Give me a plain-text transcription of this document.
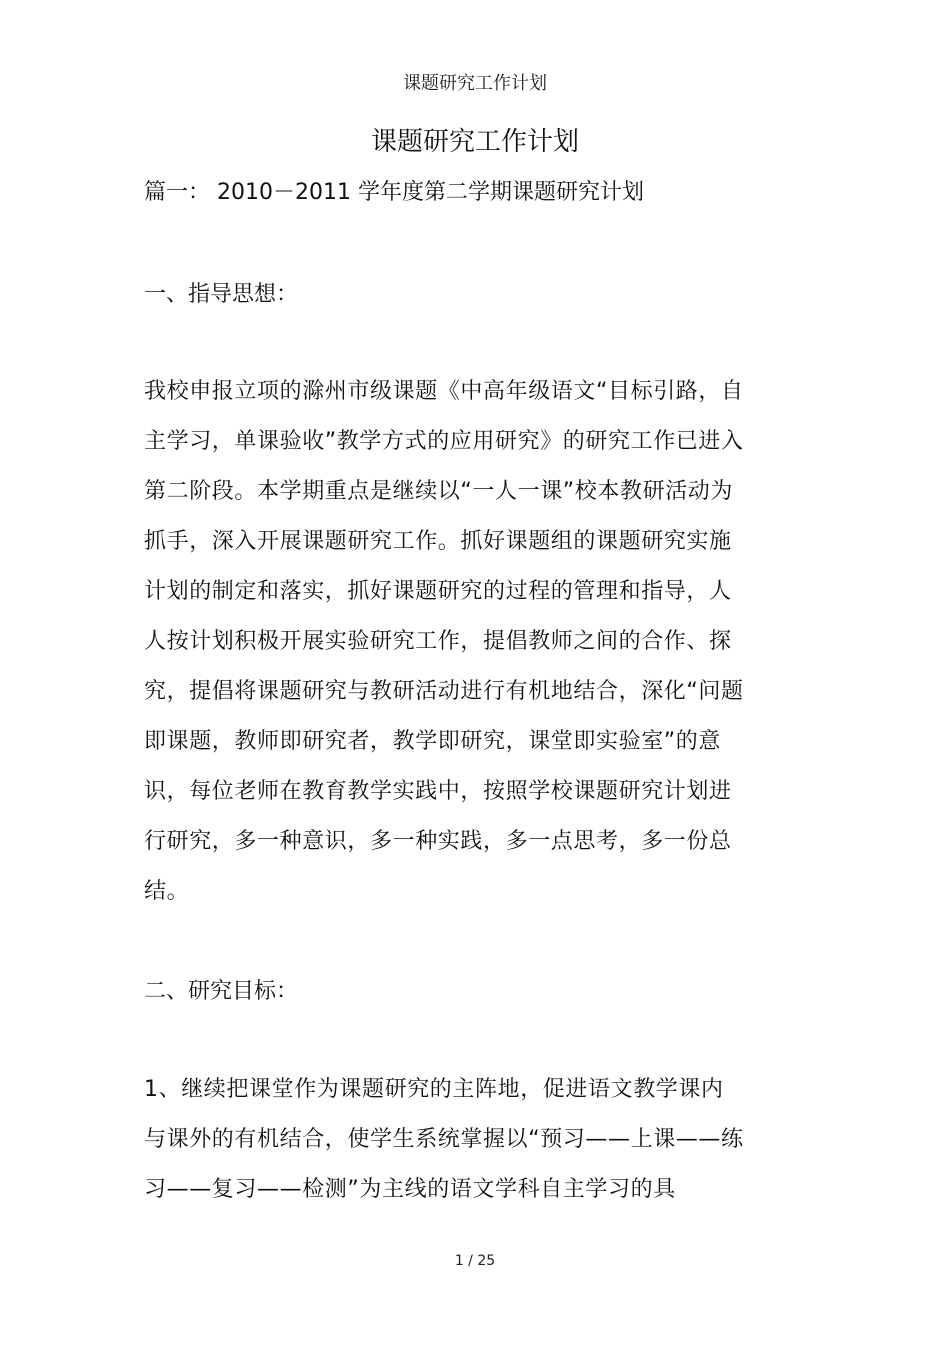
课题研究工作计划
课题研究工作计划
篇一： 2010－2011 学年度第二学期课题研究计划
一、指导思想：
我校申报立项的滁州市级课题《中高年级语文“目标引路，自主学习，单课验收”教学方式的应用研究》的研究工作已进入第二阶段。本学期重点是继续以“一人一课”校本教研活动为抓手，深入开展课题研究工作。抓好课题组的课题研究实施计划的制定和落实，抓好课题研究的过程的管理和指导，人人按计划积极开展实验研究工作，提倡教师之间的合作、探究，提倡将课题研究与教研活动进行有机地结合，深化“问题即课题，教师即研究者，教学即研究，课堂即实验室”的意识，每位老师在教育教学实践中，按照学校课题研究计划进行研究，多一种意识，多一种实践，多一点思考，多一份总结。
二、研究目标：
1、继续把课堂作为课题研究的主阵地，促进语文教学课内与课外的有机结合，使学生系统掌握以“预习——上课——练习——复习——检测”为主线的语文学科自主学习的具
1 / 25
